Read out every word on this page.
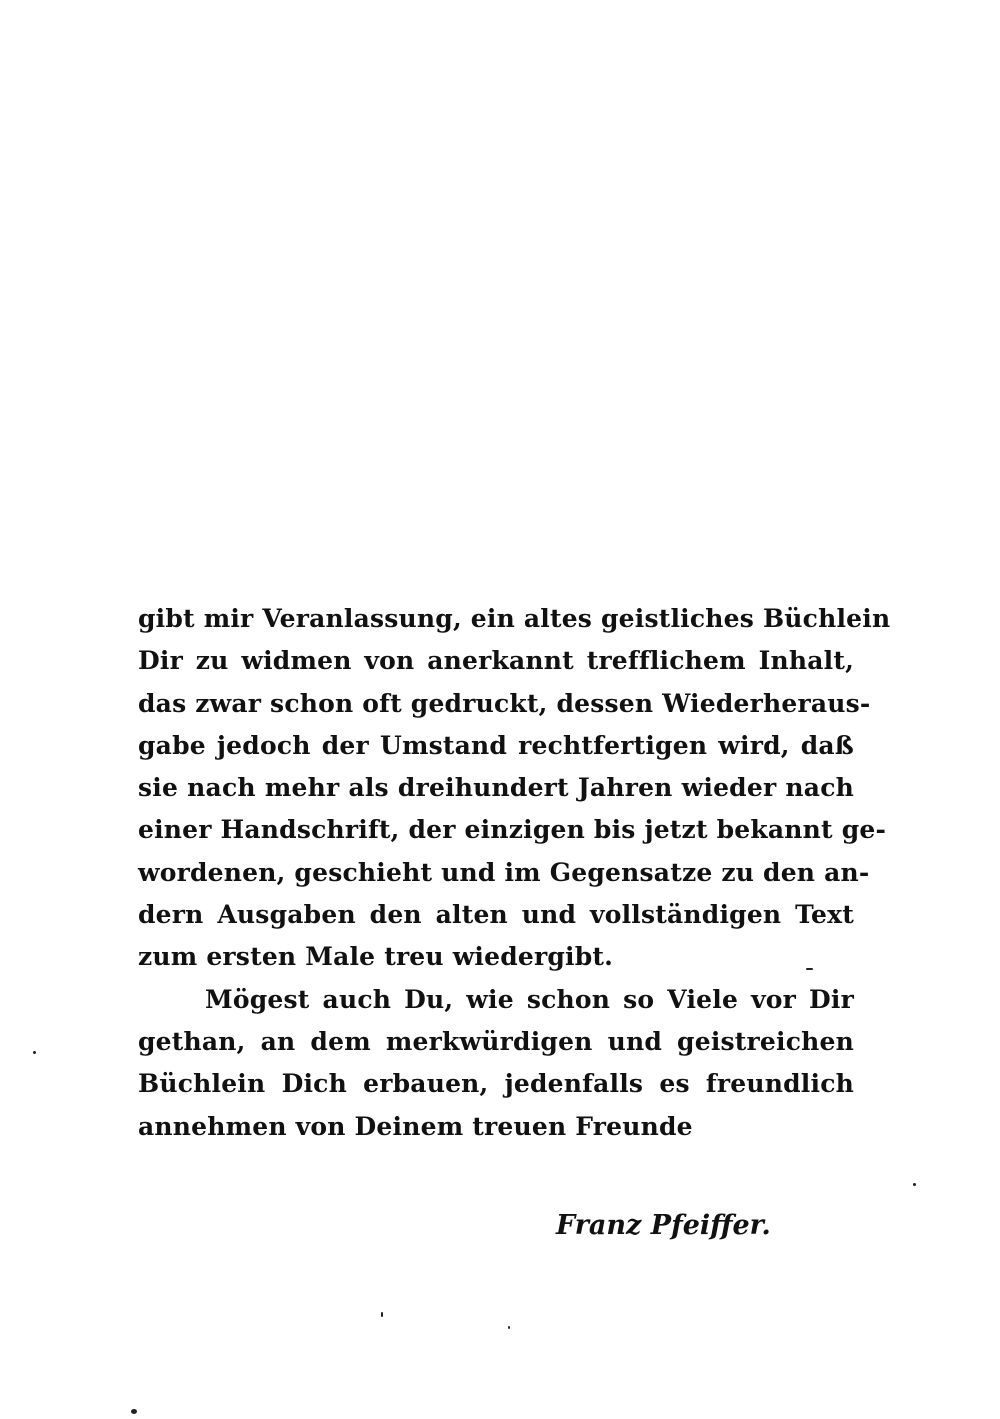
gibt mir Veranlassung, ein altes geistliches Büchlein
Dir zu widmen von anerkannt trefflichem Inhalt,
das zwar schon oft gedruckt, dessen Wiederheraus-
gabe jedoch der Umstand rechtfertigen wird, daß
sie nach mehr als dreihundert Jahren wieder nach
einer Handschrift, der einzigen bis jetzt bekannt ge-
wordenen, geschieht und im Gegensatze zu den an-
dern Ausgaben den alten und vollständigen Text
zum ersten Male treu wiedergibt.
Mögest auch Du, wie schon so Viele vor Dir
gethan, an dem merkwürdigen und geistreichen
Büchlein Dich erbauen, jedenfalls es freundlich
annehmen von Deinem treuen Freunde
Franz Pfeiffer.
